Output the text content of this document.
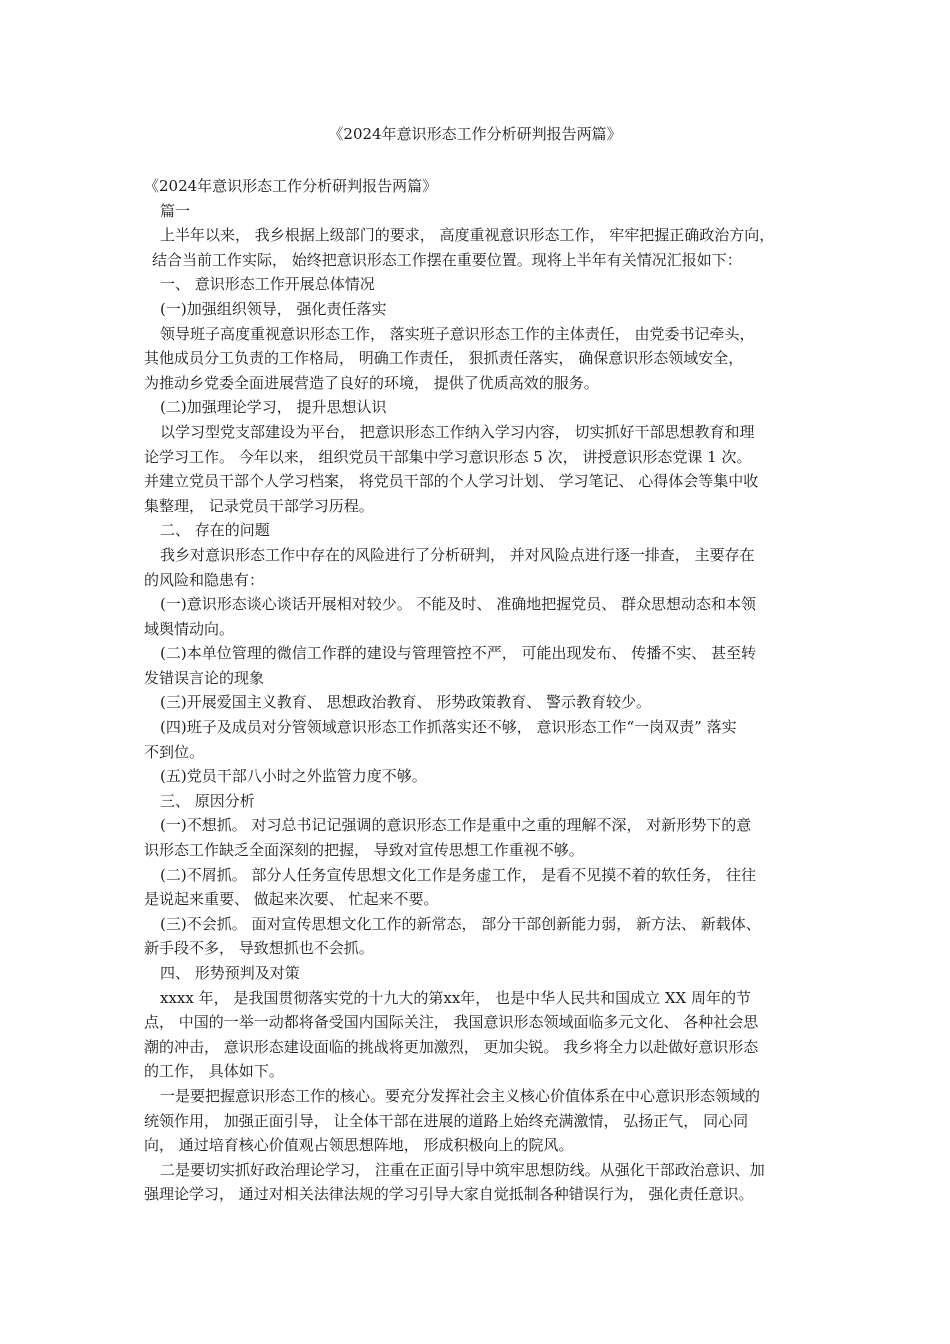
《2024年意识形态工作分析研判报告两篇》
《2024年意识形态工作分析研判报告两篇》
篇一
上半年以来， 我乡根据上级部门的要求， 高度重视意识形态工作， 牢牢把握正确政治方向，
结合当前工作实际， 始终把意识形态工作摆在重要位置。现将上半年有关情况汇报如下：
一、 意识形态工作开展总体情况
(一)加强组织领导， 强化责任落实
领导班子高度重视意识形态工作， 落实班子意识形态工作的主体责任， 由党委书记牵头，
其他成员分工负责的工作格局， 明确工作责任， 狠抓责任落实， 确保意识形态领域安全，
为推动乡党委全面进展营造了良好的环境， 提供了优质高效的服务。
(二)加强理论学习， 提升思想认识
以学习型党支部建设为平台， 把意识形态工作纳入学习内容， 切实抓好干部思想教育和理
论学习工作。 今年以来， 组织党员干部集中学习意识形态 5 次， 讲授意识形态党课 1 次。
并建立党员干部个人学习档案， 将党员干部的个人学习计划、 学习笔记、 心得体会等集中收
集整理， 记录党员干部学习历程。
二、 存在的问题
我乡对意识形态工作中存在的风险进行了分析研判， 并对风险点进行逐一排查， 主要存在
的风险和隐患有：
(一)意识形态谈心谈话开展相对较少。 不能及时、 准确地把握党员、 群众思想动态和本领
域舆情动向。
(二)本单位管理的微信工作群的建设与管理管控不严， 可能出现发布、 传播不实、 甚至转
发错误言论的现象
(三)开展爱国主义教育、 思想政治教育、 形势政策教育、 警示教育较少。
(四)班子及成员对分管领域意识形态工作抓落实还不够， 意识形态工作“一岗双责” 落实
不到位。
(五)党员干部八小时之外监管力度不够。
三、 原因分析
(一)不想抓。 对习总书记记强调的意识形态工作是重中之重的理解不深， 对新形势下的意
识形态工作缺乏全面深刻的把握， 导致对宣传思想工作重视不够。
(二)不屑抓。 部分人任务宣传思想文化工作是务虚工作， 是看不见摸不着的软任务， 往往
是说起来重要、 做起来次要、 忙起来不要。
(三)不会抓。 面对宣传思想文化工作的新常态， 部分干部创新能力弱， 新方法、 新载体、
新手段不多， 导致想抓也不会抓。
四、 形势预判及对策
xxxx 年， 是我国贯彻落实党的十九大的第xx年， 也是中华人民共和国成立 XX 周年的节
点， 中国的一举一动都将备受国内国际关注， 我国意识形态领域面临多元文化、 各种社会思
潮的冲击， 意识形态建设面临的挑战将更加激烈， 更加尖锐。 我乡将全力以赴做好意识形态
的工作， 具体如下。
一是要把握意识形态工作的核心。要充分发挥社会主义核心价值体系在中心意识形态领域的
统领作用， 加强正面引导， 让全体干部在进展的道路上始终充满激情， 弘扬正气， 同心同
向， 通过培育核心价值观占领思想阵地， 形成积极向上的院风。
二是要切实抓好政治理论学习， 注重在正面引导中筑牢思想防线。从强化干部政治意识、加
强理论学习， 通过对相关法律法规的学习引导大家自觉抵制各种错误行为， 强化责任意识。
